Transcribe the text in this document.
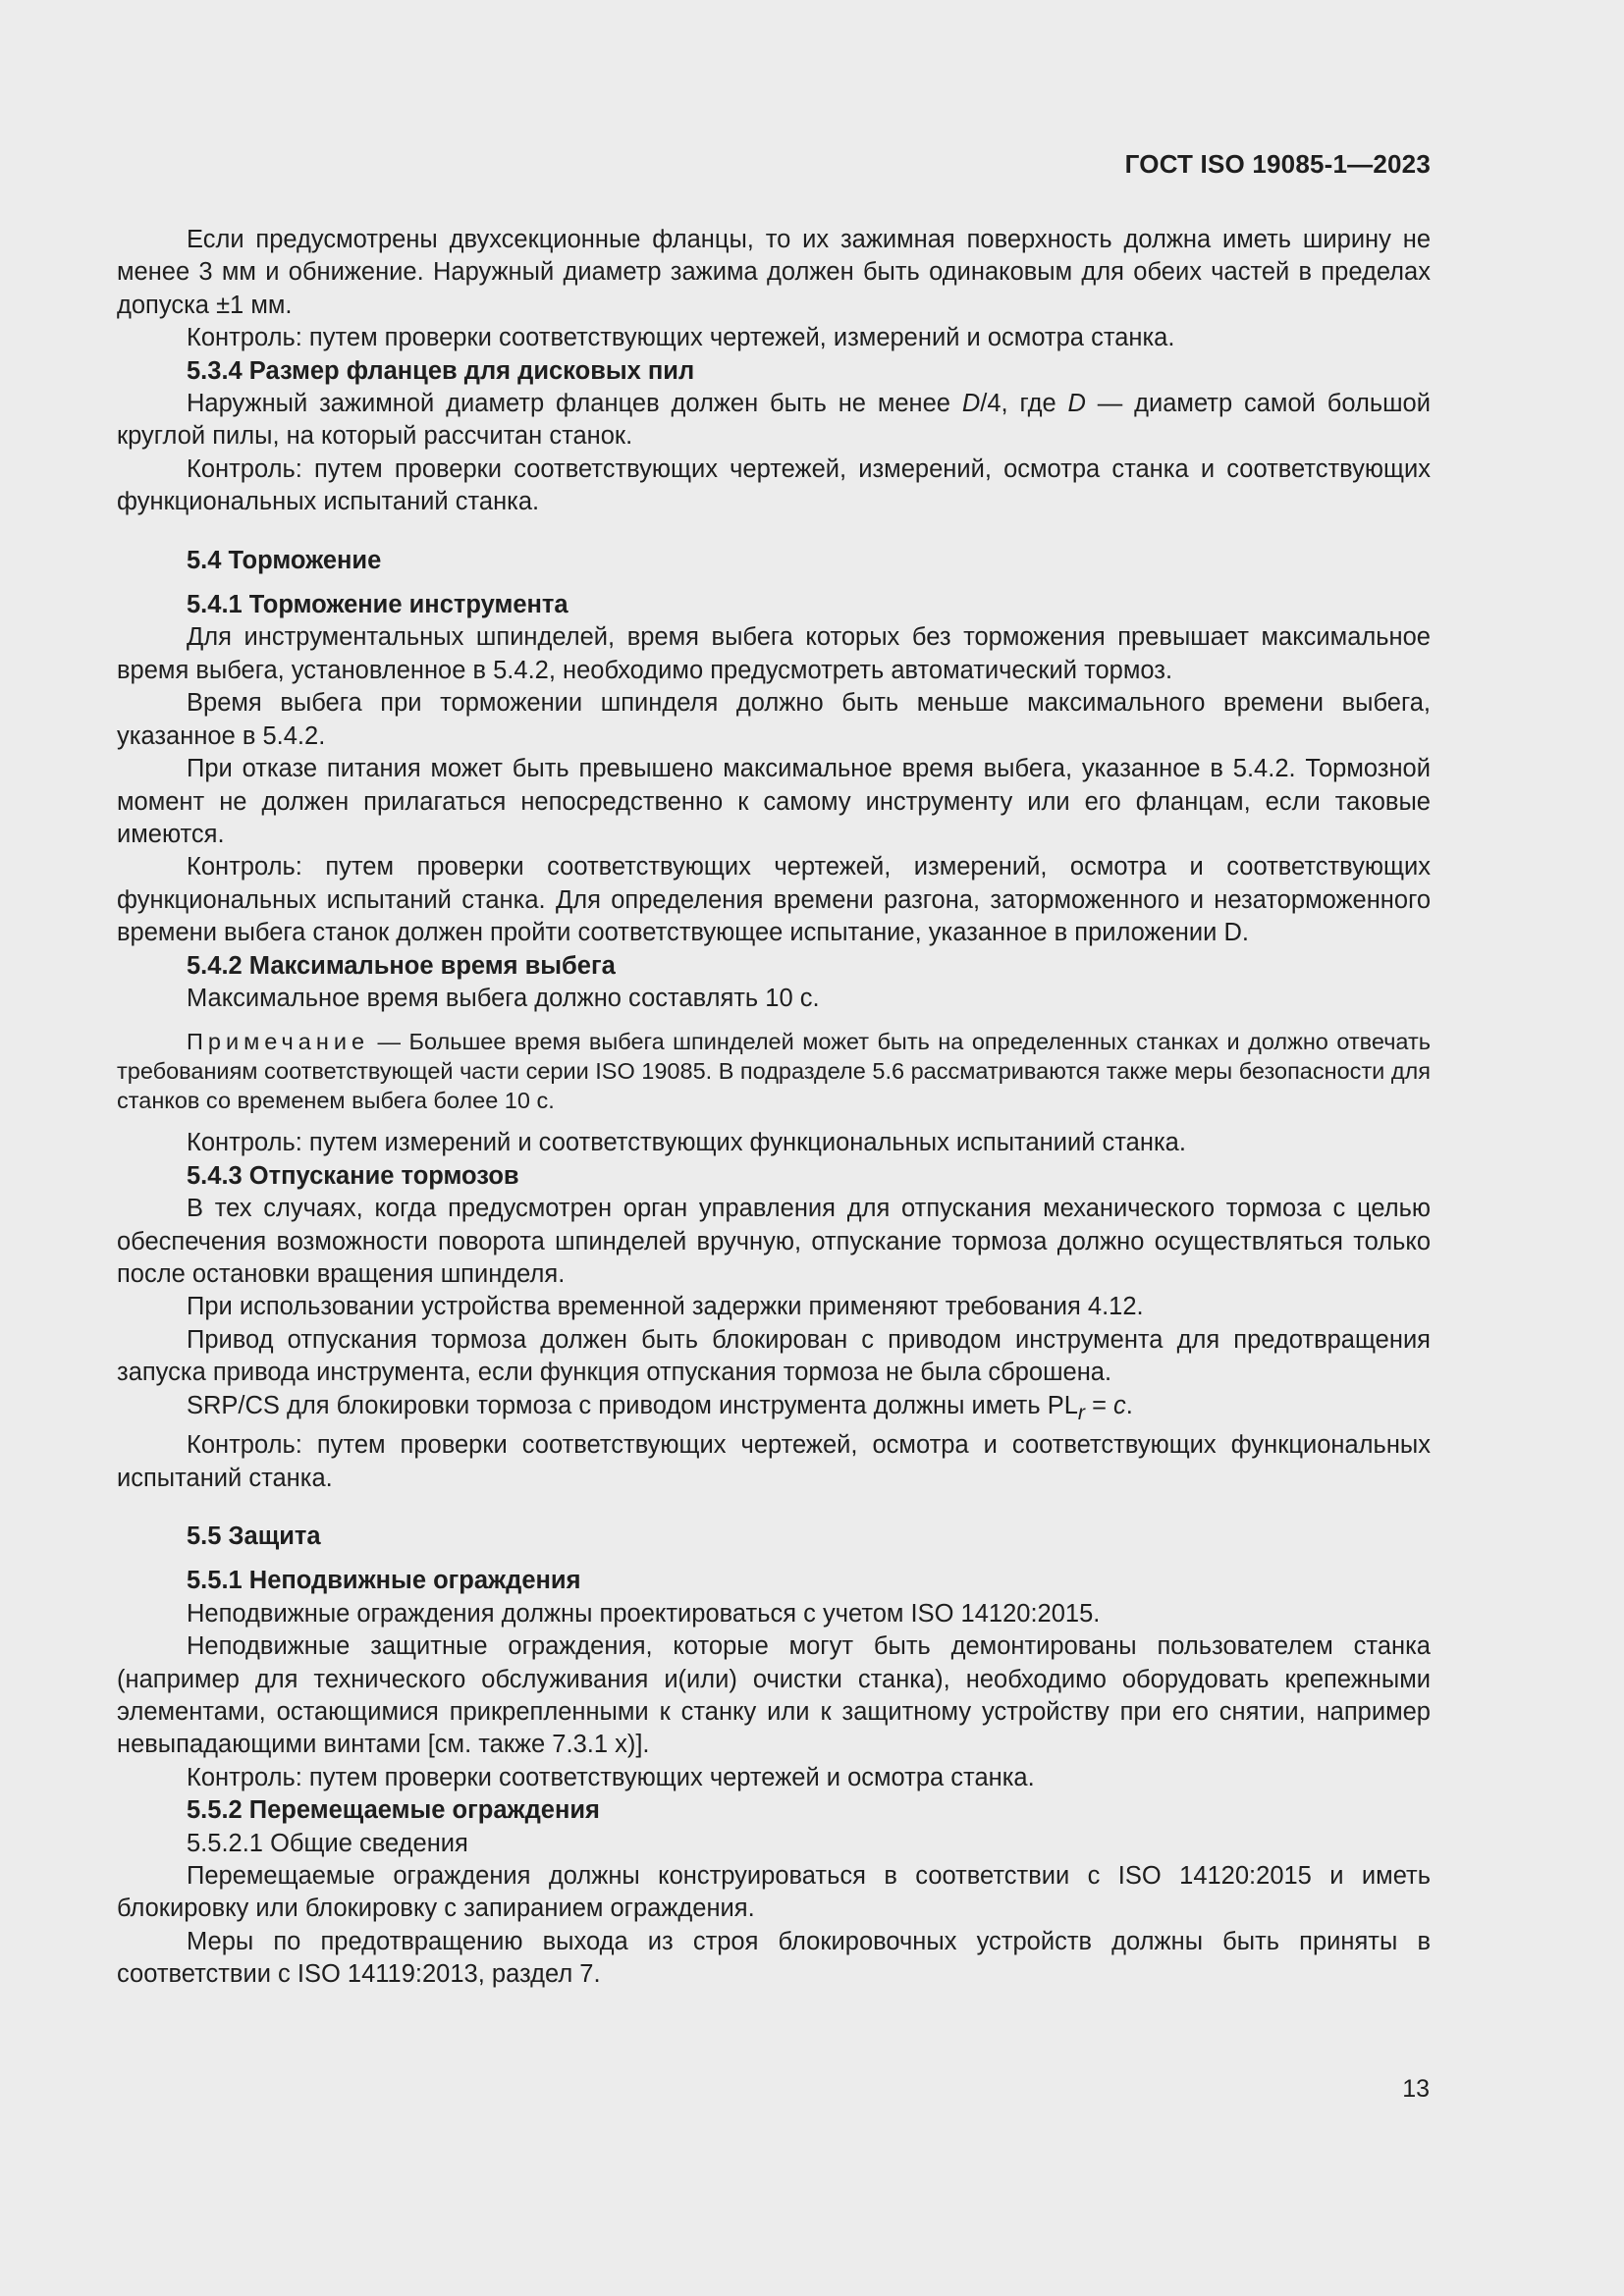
ГОСТ ISO 19085-1—2023

Если предусмотрены двухсекционные фланцы, то их зажимная поверхность должна иметь ширину не менее 3 мм и обнижение. Наружный диаметр зажима должен быть одинаковым для обеих частей в пределах допуска ±1 мм.

Контроль: путем проверки соответствующих чертежей, измерений и осмотра станка.

5.3.4 Размер фланцев для дисковых пил

Наружный зажимной диаметр фланцев должен быть не менее D/4, где D — диаметр самой большой круглой пилы, на который рассчитан станок.

Контроль: путем проверки соответствующих чертежей, измерений, осмотра станка и соответствующих функциональных испытаний станка.

5.4 Торможение

5.4.1 Торможение инструмента

Для инструментальных шпинделей, время выбега которых без торможения превышает максимальное время выбега, установленное в 5.4.2, необходимо предусмотреть автоматический тормоз.

Время выбега при торможении шпинделя должно быть меньше максимального времени выбега, указанное в 5.4.2.

При отказе питания может быть превышено максимальное время выбега, указанное в 5.4.2. Тормозной момент не должен прилагаться непосредственно к самому инструменту или его фланцам, если таковые имеются.

Контроль: путем проверки соответствующих чертежей, измерений, осмотра и соответствующих функциональных испытаний станка. Для определения времени разгона, заторможенного и незаторможенного времени выбега станок должен пройти соответствующее испытание, указанное в приложении D.

5.4.2 Максимальное время выбега

Максимальное время выбега должно составлять 10 с.

Примечание — Большее время выбега шпинделей может быть на определенных станках и должно отвечать требованиям соответствующей части серии ISO 19085. В подразделе 5.6 рассматриваются также меры безопасности для станков со временем выбега более 10 с.

Контроль: путем измерений и соответствующих функциональных испытаниий станка.

5.4.3 Отпускание тормозов

В тех случаях, когда предусмотрен орган управления для отпускания механического тормоза с целью обеспечения возможности поворота шпинделей вручную, отпускание тормоза должно осуществляться только после остановки вращения шпинделя.

При использовании устройства временной задержки применяют требования 4.12.

Привод отпускания тормоза должен быть блокирован с приводом инструмента для предотвращения запуска привода инструмента, если функция отпускания тормоза не была сброшена.

SRP/CS для блокировки тормоза с приводом инструмента должны иметь $PL_r = c$.

Контроль: путем проверки соответствующих чертежей, осмотра и соответствующих функциональных испытаний станка.

5.5 Защита

5.5.1 Неподвижные ограждения

Неподвижные ограждения должны проектироваться с учетом ISO 14120:2015.

Неподвижные защитные ограждения, которые могут быть демонтированы пользователем станка (например для технического обслуживания и(или) очистки станка), необходимо оборудовать крепежными элементами, остающимися прикрепленными к станку или к защитному устройству при его снятии, например невыпадающими винтами [см. также 7.3.1 x)].

Контроль: путем проверки соответствующих чертежей и осмотра станка.

5.5.2 Перемещаемые ограждения

5.5.2.1 Общие сведения

Перемещаемые ограждения должны конструироваться в соответствии с ISO 14120:2015 и иметь блокировку или блокировку с запиранием ограждения.

Меры по предотвращению выхода из строя блокировочных устройств должны быть приняты в соответствии с ISO 14119:2013, раздел 7.

13
